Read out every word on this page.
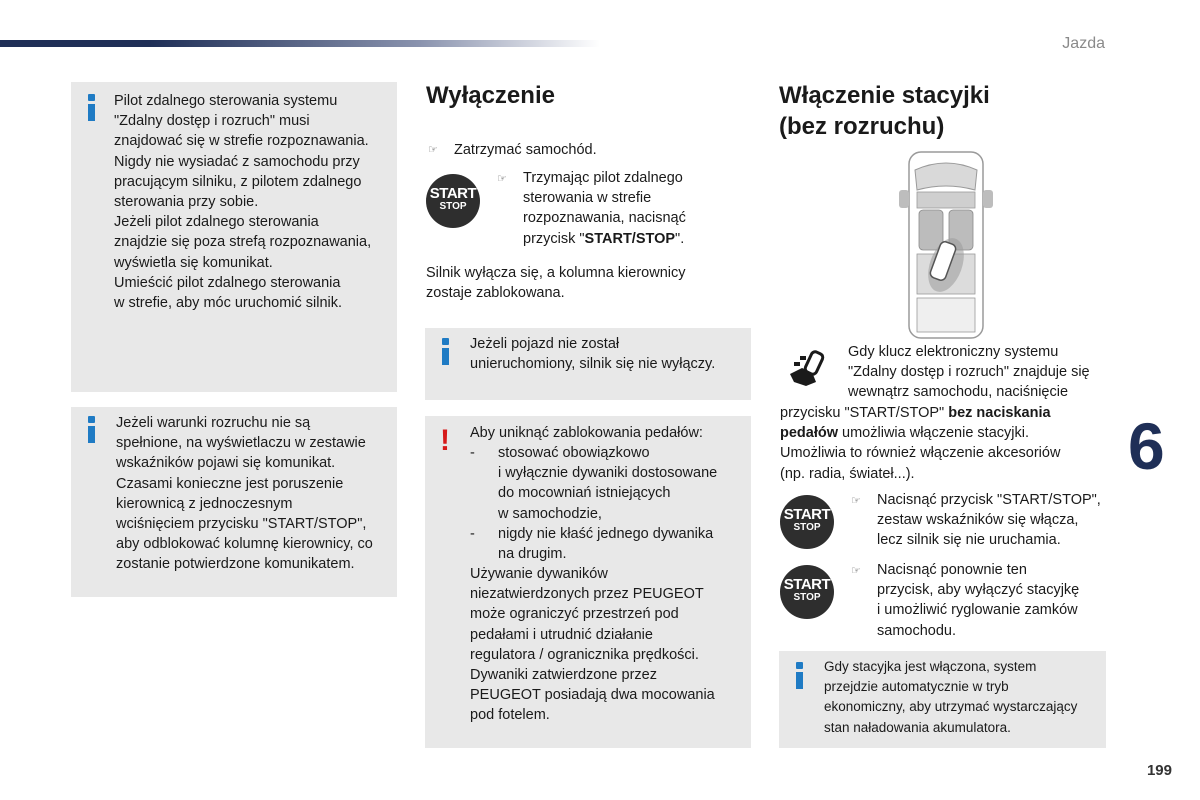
Jazda
6
199

Pilot zdalnego sterowania systemu

"Zdalny dostęp i rozruch" musi

znajdować się w strefie rozpoznawania.

Nigdy nie wysiadać z samochodu przy

pracującym silniku, z pilotem zdalnego

sterowania przy sobie.

Jeżeli pilot zdalnego sterowania

znajdzie się poza strefą rozpoznawania,

wyświetla się komunikat.

Umieścić pilot zdalnego sterowania

w strefie, aby móc uruchomić silnik.

Jeżeli warunki rozruchu nie są

spełnione, na wyświetlaczu w zestawie

wskaźników pojawi się komunikat.

Czasami konieczne jest poruszenie

kierownicą z jednoczesnym

wciśnięciem przycisku "START/STOP",

aby odblokować kolumnę kierownicy, co

zostanie potwierdzone komunikatem.

Wyłączenie
☞ Zatrzymać samochód.
START
STOP
☞ Trzymając pilot zdalnego

sterowania w strefie

rozpoznawania, nacisnąć

przycisk "START/STOP".

Silnik wyłącza się, a kolumna kierownicy

zostaje zablokowana.

Jeżeli pojazd nie został

unieruchomiony, silnik się nie wyłączy.

! Aby uniknąć zablokowania pedałów:
- stosować obowiązkowo

i wyłącznie dywaniki dostosowane

do mocowniań istniejących

w samochodzie,

- nigdy nie kłaść jednego dywanika

na drugim.

Używanie dywaników

niezatwierdzonych przez PEUGEOT

może ograniczyć przestrzeń pod

pedałami i utrudnić działanie

regulatora / ogranicznika prędkości.

Dywaniki zatwierdzone przez

PEUGEOT posiadają dwa mocowania

pod fotelem.

Włączenie stacyjki
(bez rozruchu)

Gdy klucz elektroniczny systemu

"Zdalny dostęp i rozruch" znajduje się

wewnątrz samochodu, naciśnięcie

przycisku "START/STOP" bez naciskania

pedałów umożliwia włączenie stacyjki.

Umożliwia to również włączenie akcesoriów

(np. radia, świateł...).

START
STOP
☞ Nacisnąć przycisk "START/STOP",

zestaw wskaźników się włącza,

lecz silnik się nie uruchamia.

START
STOP
☞ Nacisnąć ponownie ten

przycisk, aby wyłączyć stacyjkę

i umożliwić ryglowanie zamków

samochodu.

Gdy stacyjka jest włączona, system

przejdzie automatycznie w tryb

ekonomiczny, aby utrzymać wystarczający

stan naładowania akumulatora.
